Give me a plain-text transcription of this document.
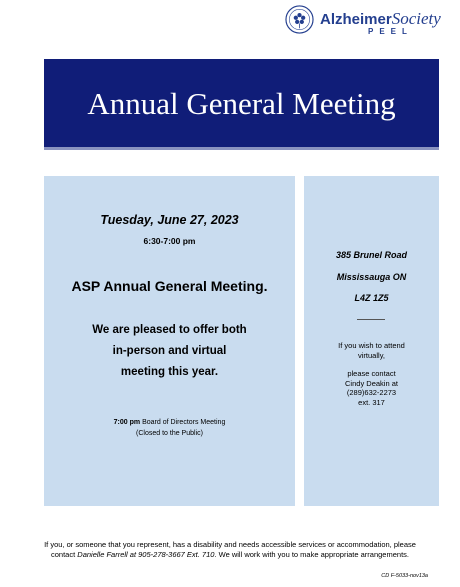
AlzheimerSociety
PEEL
Annual General Meeting
Tuesday, June 27, 2023
6:30-7:00 pm
ASP Annual General Meeting.
We are pleased to offer both
in-person and virtual
meeting this year.
7:00 pm Board of Directors Meeting
(Closed to the Public)
385 Brunel Road
Mississauga ON
L4Z 1Z5
If you wish to attend
virtually,
please contact
Cindy Deakin at
(289)632-2273
ext. 317
If you, or someone that you represent, has a disability and needs accessible services or accommodation, please
contact Danielle Farrell at 905-278-3667 Ext. 710. We will work with you to make appropriate arrangements.
CD F-5033-nov13a
